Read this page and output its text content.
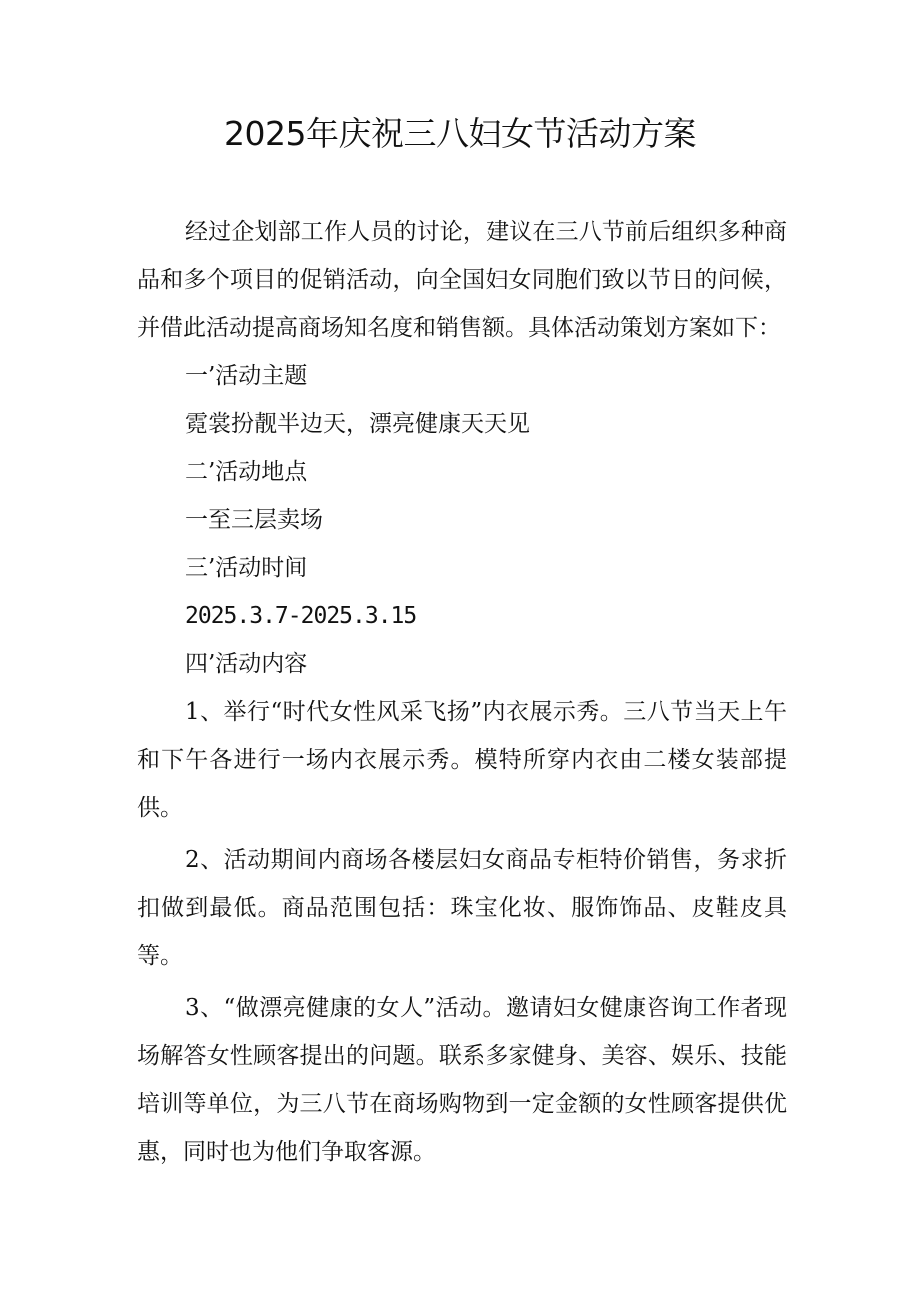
2025年庆祝三八妇女节活动方案

经过企划部工作人员的讨论，建议在三八节前后组织多种商品和多个项目的促销活动，向全国妇女同胞们致以节日的问候，并借此活动提高商场知名度和销售额。具体活动策划方案如下：

一’活动主题

霓裳扮靓半边天，漂亮健康天天见

二’活动地点

一至三层卖场

三’活动时间

2025.3.7-2025.3.15

四’活动内容

1、举行“时代女性风采飞扬”内衣展示秀。三八节当天上午和下午各进行一场内衣展示秀。模特所穿内衣由二楼女装部提供。

2、活动期间内商场各楼层妇女商品专柜特价销售，务求折扣做到最低。商品范围包括：珠宝化妆、服饰饰品、皮鞋皮具等。

3、“做漂亮健康的女人”活动。邀请妇女健康咨询工作者现场解答女性顾客提出的问题。联系多家健身、美容、娱乐、技能培训等单位，为三八节在商场购物到一定金额的女性顾客提供优惠，同时也为他们争取客源。
